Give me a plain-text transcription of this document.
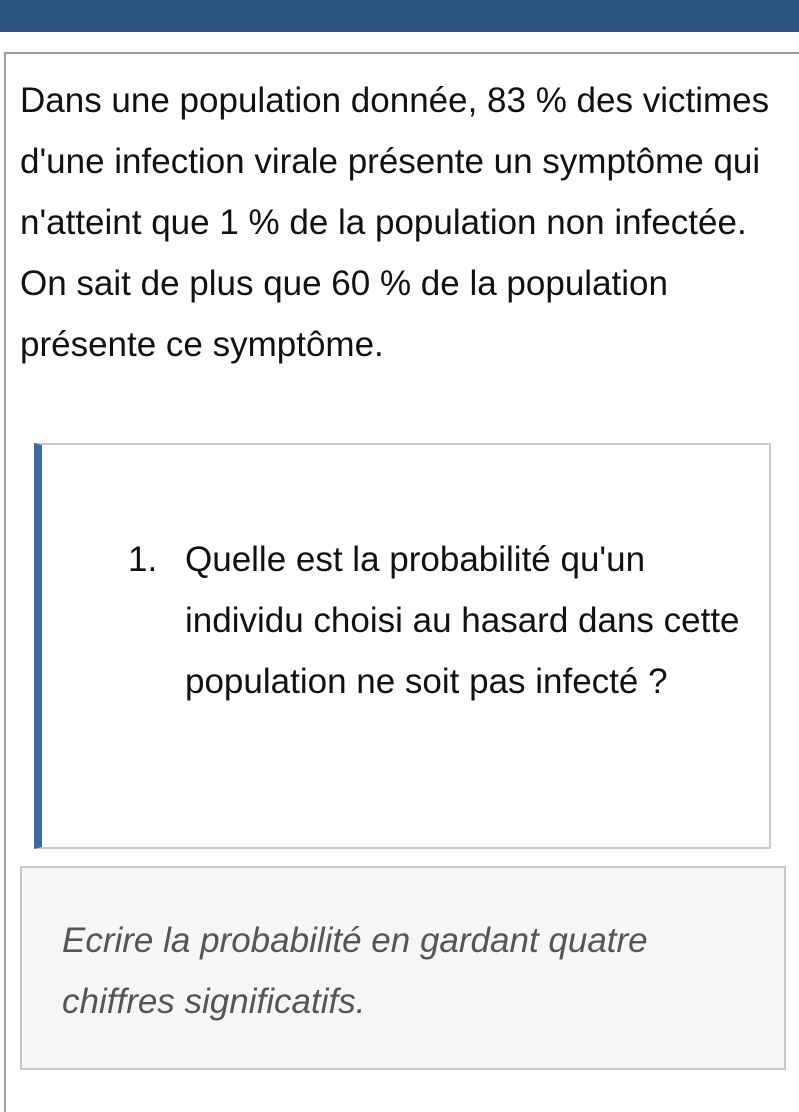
Dans une population donnée, 83 % des victimes d'une infection virale présente un symptôme qui n'atteint que 1 % de la population non infectée. On sait de plus que 60 % de la population présente ce symptôme.

1. Quelle est la probabilité qu'un individu choisi au hasard dans cette population ne soit pas infecté ?

Ecrire la probabilité en gardant quatre chiffres significatifs.
